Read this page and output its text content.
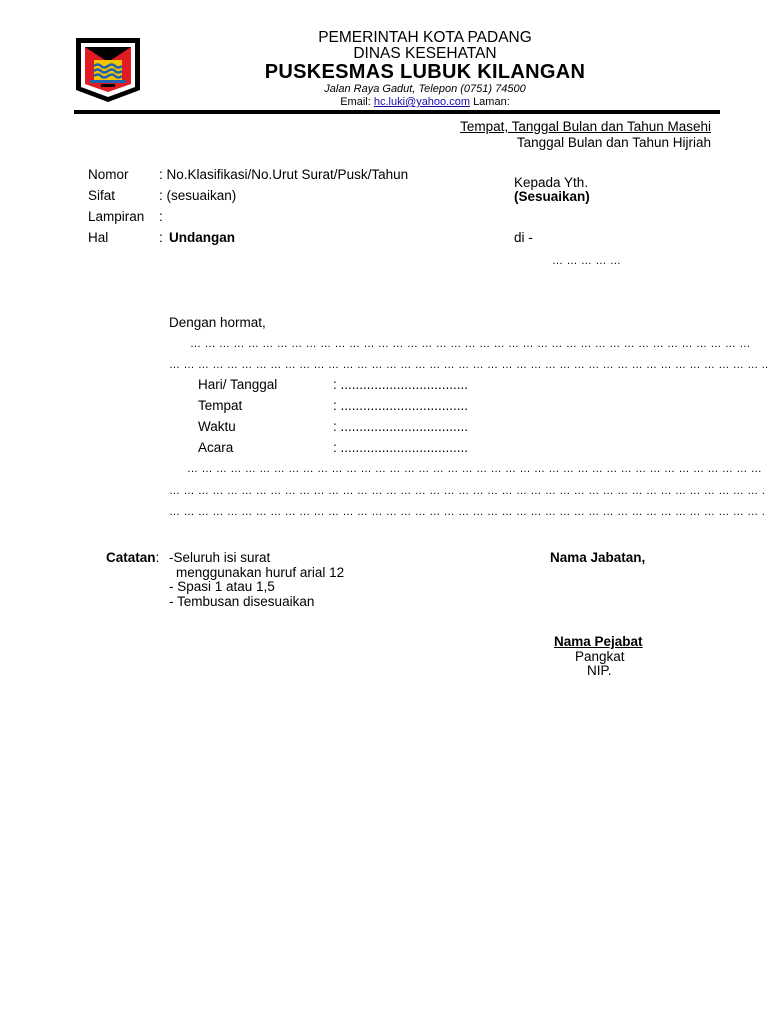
PEMERINTAH KOTA PADANG
DINAS KESEHATAN
PUSKESMAS LUBUK KILANGAN
Jalan Raya Gadut, Telepon (0751) 74500
Email: hc.luki@yahoo.com Laman:
Tempat, Tanggal Bulan dan Tahun Masehi
Tanggal Bulan dan Tahun Hijriah
Nomor : No.Klasifikasi/No.Urut Surat/Pusk/Tahun
Sifat	: (sesuaikan)
Lampiran :
Hal	: Undangan
Kepada Yth.
(Sesuaikan)
di -
… … … … …
Dengan hormat,
… … … … … … … … … … … … … … … … … … … … … … … … … … … … … … … … … … … … … … …
… … … … … … … … … … … … … … … … … … … … … … … … … … … … … … … … … … … … … … … … … ..
Hari/ Tanggal	: ..................................
Tempat	: ..................................
Waktu	: ..................................
Acara	: ..................................
… … … … … … … … … … … … … … … … … … … … … … … … … … … … … … … … … … … … … … … …
… … … … … … … … … … … … … … … … … … … … … … … … … … … … … … … … … … … … … … … … … .
… … … … … … … … … … … … … … … … … … … … … … … … … … … … … … … … … … … … … … … … … .
Catatan: -Seluruh isi surat
menggunakan huruf arial 12
- Spasi 1 atau 1,5
- Tembusan disesuaikan
Nama Jabatan,
Nama Pejabat
Pangkat
NIP.
